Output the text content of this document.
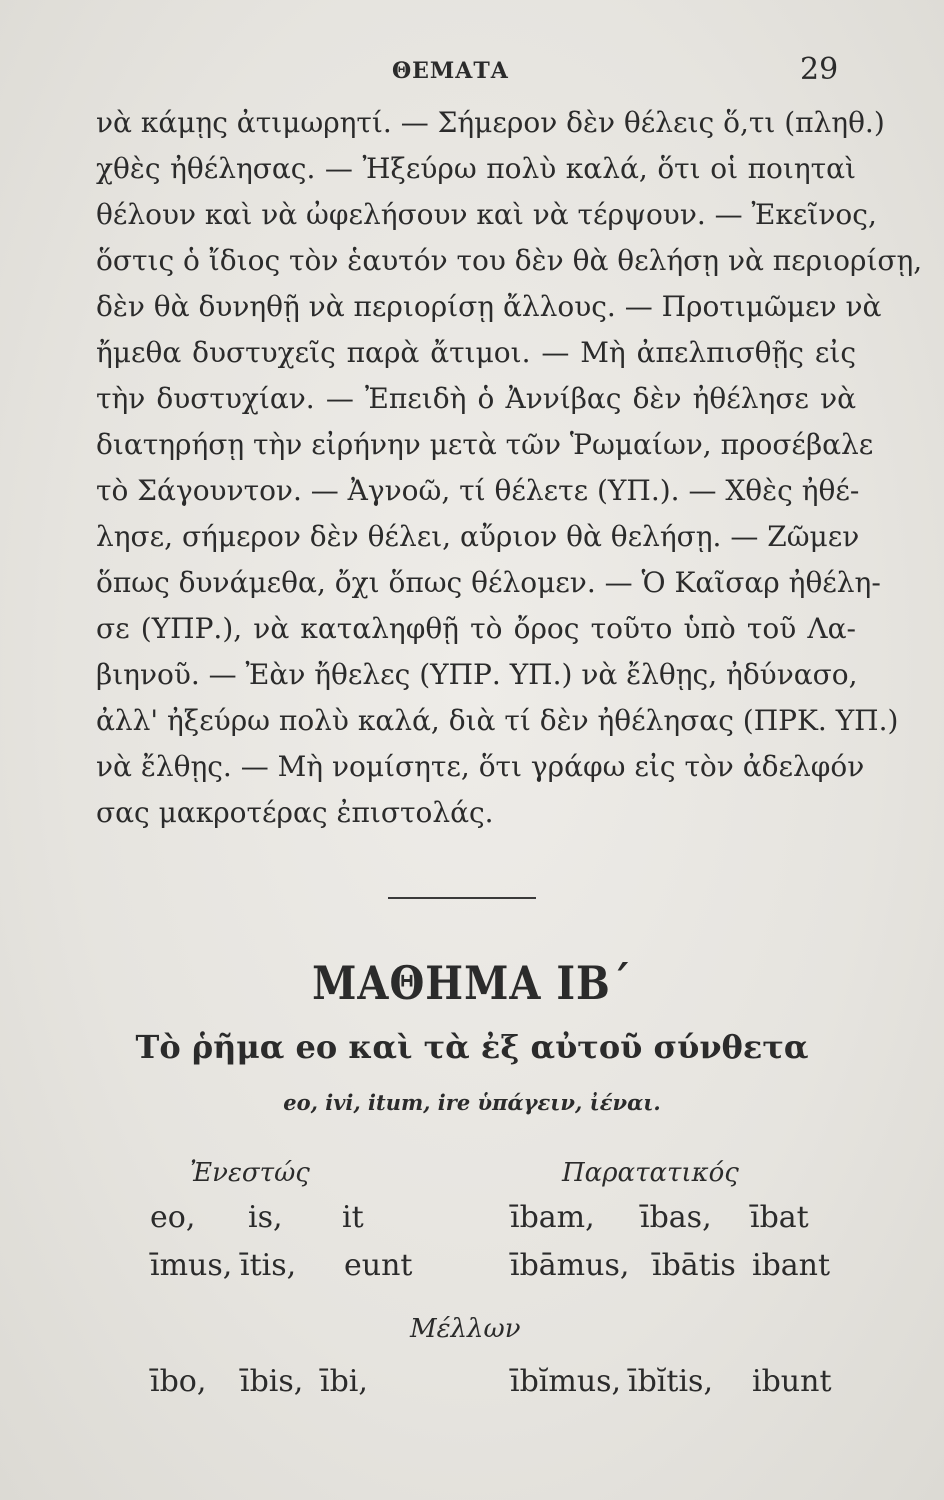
ΘΕΜΑΤΑ	29

νὰ κάμῃς ἀτιμωρητί. — Σήμερον δὲν θέλεις ὅ,τι (πληθ.)
χθὲς ἠθέλησας. — Ἠξεύρω πολὺ καλά, ὅτι οἱ ποιηταὶ
θέλουν καὶ νὰ ὠφελήσουν καὶ νὰ τέρψουν. — Ἐκεῖνος,
ὅστις ὁ ἴδιος τὸν ἑαυτόν του δὲν θὰ θελήσῃ νὰ περιορίσῃ,
δὲν θὰ δυνηθῇ νὰ περιορίσῃ ἄλλους. — Προτιμῶμεν νὰ
ἤμεθα δυστυχεῖς παρὰ ἄτιμοι. — Μὴ ἀπελπισθῇς εἰς
τὴν δυστυχίαν. — Ἐπειδὴ ὁ Ἀννίβας δὲν ἠθέλησε νὰ
διατηρήσῃ τὴν εἰρήνην μετὰ τῶν Ῥωμαίων, προσέβαλε
τὸ Σάγουντον. — Ἀγνοῶ, τί θέλετε (ΥΠ.). — Χθὲς ἠθέ-
λησε, σήμερον δὲν θέλει, αὔριον θὰ θελήσῃ. — Ζῶμεν
ὅπως δυνάμεθα, ὄχι ὅπως θέλομεν. — Ὁ Καῖσαρ ἠθέλη-
σε (ΥΠΡ.), νὰ καταληφθῇ τὸ ὄρος τοῦτο ὑπὸ τοῦ Λα-
βιηνοῦ. — Ἐὰν ἤθελες (ΥΠΡ. ΥΠ.) νὰ ἔλθῃς, ἠδύνασο,
ἀλλ' ἠξεύρω πολὺ καλά, διὰ τί δὲν ἠθέλησας (ΠΡΚ. ΥΠ.)
νὰ ἔλθῃς. — Μὴ νομίσητε, ὅτι γράφω εἰς τὸν ἀδελφόν
σας μακροτέρας ἐπιστολάς.

ΜΑΘΗΜΑ ΙΒ΄
Τὸ ῥῆμα eo καὶ τὰ ἐξ αὐτοῦ σύνθετα
eo, ivi, itum, ire ὑπάγειν, ἰέναι.
Ἐνεστώς
eo, is, it
īmus, ītis, eunt
Παρατατικός
ībam, ības, ībat
ībāmus, ībātis ibant
Μέλλων
ībo, ībis, ībi,	ībĭmus, ībĭtis, ibunt
